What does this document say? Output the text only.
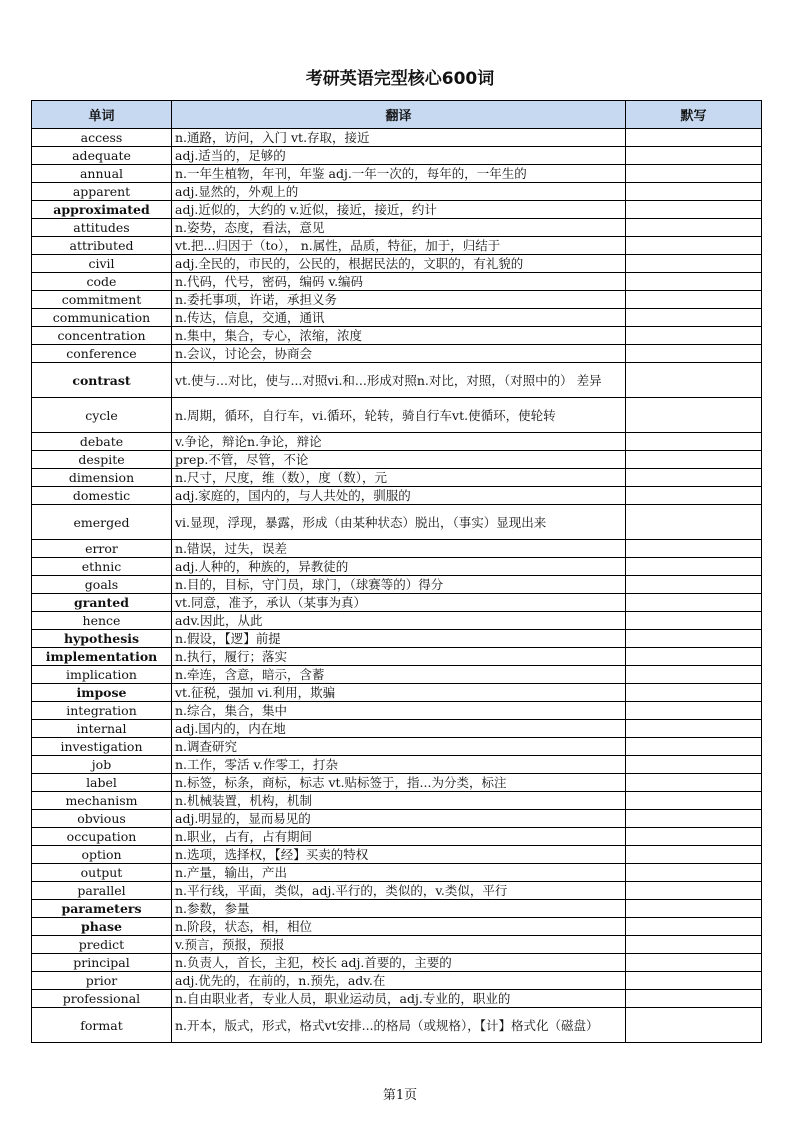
考研英语完型核心600词
单词	翻译	默写
access	n.通路，访问，入门 vt.存取，接近	
adequate	adj.适当的，足够的	
annual	n.一年生植物，年刊，年鉴 adj.一年一次的，每年的，一年生的	
apparent	adj.显然的，外观上的	
approximated	adj.近似的，大约的 v.近似，接近，接近，约计	
attitudes	n.姿势，态度，看法，意见	
attributed	vt.把...归因于（to）， n.属性，品质，特征，加于，归结于	
civil	adj.全民的，市民的，公民的，根据民法的，文职的，有礼貌的	
code	n.代码，代号，密码，编码 v.编码	
commitment	n.委托事项，许诺，承担义务	
communication	n.传达，信息，交通，通讯	
concentration	n.集中，集合，专心，浓缩，浓度	
conference	n.会议，讨论会，协商会	
contrast	vt.使与...对比，使与...对照vi.和...形成对照n.对比，对照，（对照中的） 差异	
cycle	n.周期，循环，自行车，vi.循环，轮转，骑自行车vt.使循环，使轮转	
debate	v.争论，辩论n.争论，辩论	
despite	prep.不管，尽管，不论	
dimension	n.尺寸，尺度，维（数），度（数），元	
domestic	adj.家庭的，国内的，与人共处的，驯服的	
emerged	vi.显现，浮现，暴露，形成（由某种状态）脱出，（事实）显现出来	
error	n.错误，过失，误差	
ethnic	adj.人种的，种族的，异教徒的	
goals	n.目的，目标，守门员，球门，（球赛等的）得分	
granted	vt.同意，准予，承认（某事为真）	
hence	adv.因此，从此	
hypothesis	n.假设，【逻】前提	
implementation	n.执行，履行；落实	
implication	n.牵连，含意，暗示，含蓄	
impose	vt.征税，强加 vi.利用，欺骗	
integration	n.综合，集合，集中	
internal	adj.国内的，内在地	
investigation	n.调查研究	
job	n.工作，零活 v.作零工，打杂	
label	n.标签，标条，商标，标志 vt.贴标签于，指...为分类，标注	
mechanism	n.机械装置，机构，机制	
obvious	adj.明显的，显而易见的	
occupation	n.职业，占有，占有期间	
option	n.选项，选择权，【经】买卖的特权	
output	n.产量，输出，产出	
parallel	n.平行线，平面，类似，adj.平行的，类似的，v.类似，平行	
parameters	n.参数，参量	
phase	n.阶段，状态，相，相位	
predict	v.预言，预报，预报	
principal	n.负责人，首长，主犯，校长 adj.首要的，主要的	
prior	adj.优先的，在前的，n.预先，adv.在	
professional	n.自由职业者，专业人员，职业运动员，adj.专业的，职业的	
format	n.开本，版式，形式，格式vt安排...的格局（或规格），【计】格式化（磁盘）	
第1页
